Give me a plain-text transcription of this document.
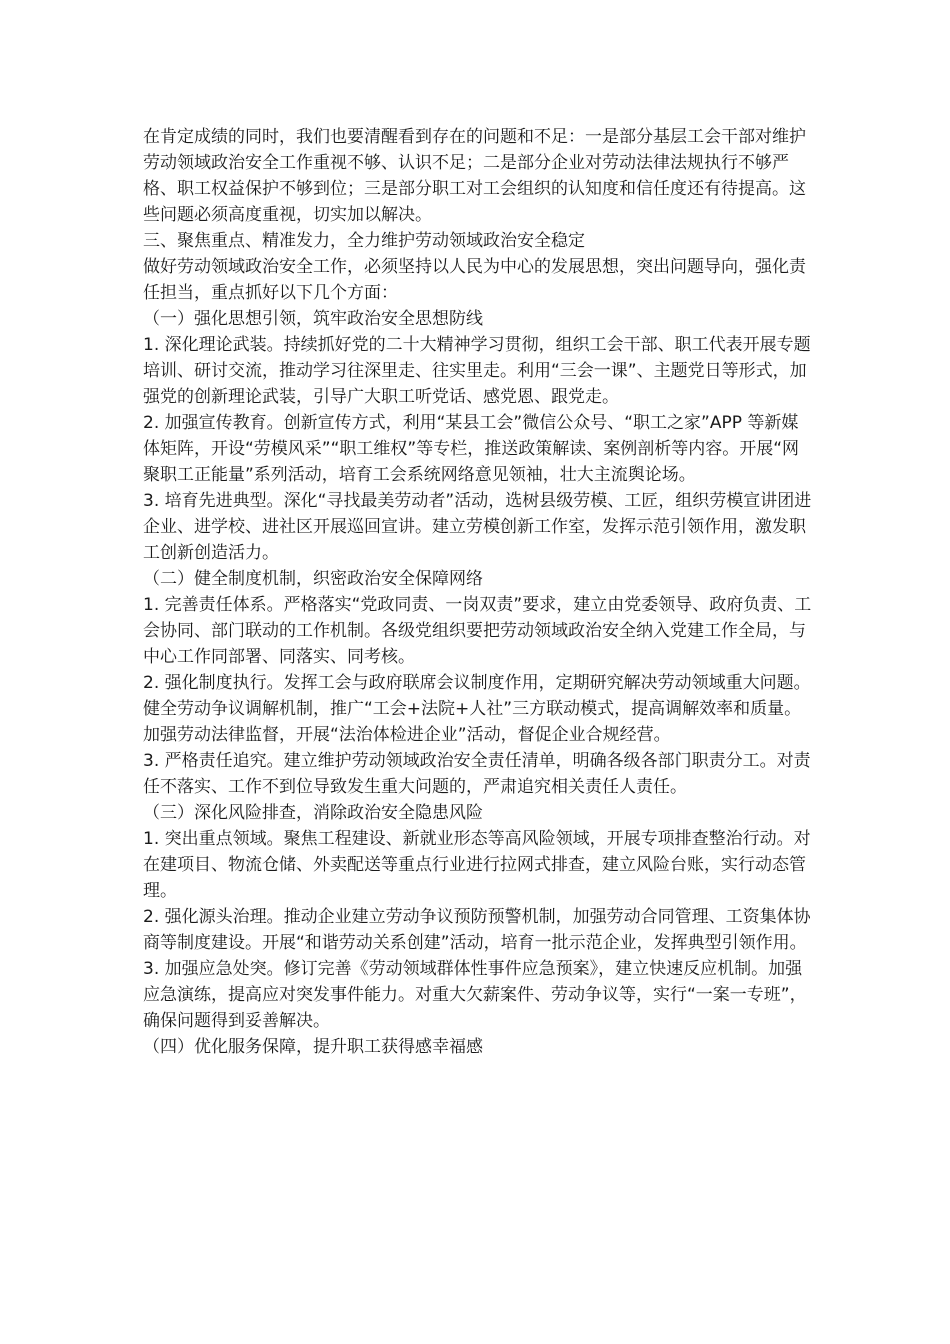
在肯定成绩的同时，我们也要清醒看到存在的问题和不足：一是部分基层工会干部对维护劳动领域政治安全工作重视不够、认识不足；二是部分企业对劳动法律法规执行不够严格、职工权益保护不够到位；三是部分职工对工会组织的认知度和信任度还有待提高。这些问题必须高度重视，切实加以解决。

三、聚焦重点、精准发力，全力维护劳动领域政治安全稳定

做好劳动领域政治安全工作，必须坚持以人民为中心的发展思想，突出问题导向，强化责任担当，重点抓好以下几个方面：

（一）强化思想引领，筑牢政治安全思想防线

1. 深化理论武装。持续抓好党的二十大精神学习贯彻，组织工会干部、职工代表开展专题培训、研讨交流，推动学习往深里走、往实里走。利用“三会一课”、主题党日等形式，加强党的创新理论武装，引导广大职工听党话、感党恩、跟党走。

2. 加强宣传教育。创新宣传方式，利用“某县工会”微信公众号、“职工之家”APP 等新媒体矩阵，开设“劳模风采”“职工维权”等专栏，推送政策解读、案例剖析等内容。开展“网聚职工正能量”系列活动，培育工会系统网络意见领袖，壮大主流舆论场。

3. 培育先进典型。深化“寻找最美劳动者”活动，选树县级劳模、工匠，组织劳模宣讲团进企业、进学校、进社区开展巡回宣讲。建立劳模创新工作室，发挥示范引领作用，激发职工创新创造活力。

（二）健全制度机制，织密政治安全保障网络

1. 完善责任体系。严格落实“党政同责、一岗双责”要求，建立由党委领导、政府负责、工会协同、部门联动的工作机制。各级党组织要把劳动领域政治安全纳入党建工作全局，与中心工作同部署、同落实、同考核。

2. 强化制度执行。发挥工会与政府联席会议制度作用，定期研究解决劳动领域重大问题。健全劳动争议调解机制，推广“工会+法院+人社”三方联动模式，提高调解效率和质量。加强劳动法律监督，开展“法治体检进企业”活动，督促企业合规经营。

3. 严格责任追究。建立维护劳动领域政治安全责任清单，明确各级各部门职责分工。对责任不落实、工作不到位导致发生重大问题的，严肃追究相关责任人责任。

（三）深化风险排查，消除政治安全隐患风险

1. 突出重点领域。聚焦工程建设、新就业形态等高风险领域，开展专项排查整治行动。对在建项目、物流仓储、外卖配送等重点行业进行拉网式排查，建立风险台账，实行动态管理。

2. 强化源头治理。推动企业建立劳动争议预防预警机制，加强劳动合同管理、工资集体协商等制度建设。开展“和谐劳动关系创建”活动，培育一批示范企业，发挥典型引领作用。

3. 加强应急处突。修订完善《劳动领域群体性事件应急预案》，建立快速反应机制。加强应急演练，提高应对突发事件能力。对重大欠薪案件、劳动争议等，实行“一案一专班”，确保问题得到妥善解决。

（四）优化服务保障，提升职工获得感幸福感
